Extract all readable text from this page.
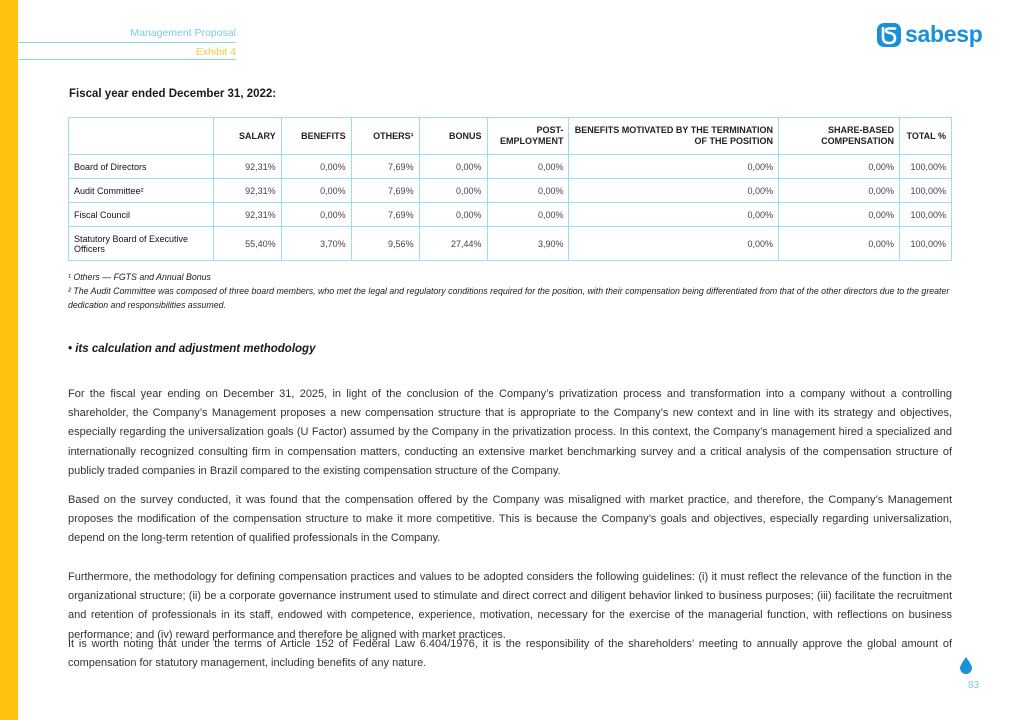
Management Proposal
Exhibit 4
sabesp
Fiscal year ended December 31, 2022:
	SALARY	BENEFITS	OTHERS¹	BONUS	POST-EMPLOYMENT	BENEFITS MOTIVATED BY THE TERMINATION OF THE POSITION	SHARE-BASED COMPENSATION	TOTAL %
Board of Directors	92,31%	0,00%	7,69%	0,00%	0,00%	0,00%	0,00%	100,00%
Audit Committee²	92,31%	0,00%	7,69%	0,00%	0,00%	0,00%	0,00%	100,00%
Fiscal Council	92,31%	0,00%	7,69%	0,00%	0,00%	0,00%	0,00%	100,00%
Statutory Board of Executive Officers	55,40%	3,70%	9,56%	27,44%	3,90%	0,00%	0,00%	100,00%
¹ Others — FGTS and Annual Bonus
² The Audit Committee was composed of three board members, who met the legal and regulatory conditions required for the position, with their compensation being differentiated from that of the other directors due to the greater dedication and responsibilities assumed.
• its calculation and adjustment methodology

For the fiscal year ending on December 31, 2025, in light of the conclusion of the Company’s privatization process and transformation into a company without a controlling shareholder, the Company’s Management proposes a new compensation structure that is appropriate to the Company’s new context and in line with its strategy and objectives, especially regarding the universalization goals (U Factor) assumed by the Company in the privatization process. In this context, the Company’s management hired a specialized and internationally recognized consulting firm in compensation matters, conducting an extensive market benchmarking survey and a critical analysis of the compensation structure of publicly traded companies in Brazil compared to the existing compensation structure of the Company.

Based on the survey conducted, it was found that the compensation offered by the Company was misaligned with market practice, and therefore, the Company’s Management proposes the modification of the compensation structure to make it more competitive. This is because the Company’s goals and objectives, especially regarding universalization, depend on the long-term retention of qualified professionals in the Company.

Furthermore, the methodology for defining compensation practices and values to be adopted considers the following guidelines: (i) it must reflect the relevance of the function in the organizational structure; (ii) be a corporate governance instrument used to stimulate and direct correct and diligent behavior linked to business purposes; (iii) facilitate the recruitment and retention of professionals in its staff, endowed with competence, experience, motivation, necessary for the exercise of the managerial function, with reflections on business performance; and (iv) reward performance and therefore be aligned with market practices.

It is worth noting that under the terms of Article 152 of Federal Law 6.404/1976, it is the responsibility of the shareholders’ meeting to annually approve the global amount of compensation for statutory management, including benefits of any nature.

83
